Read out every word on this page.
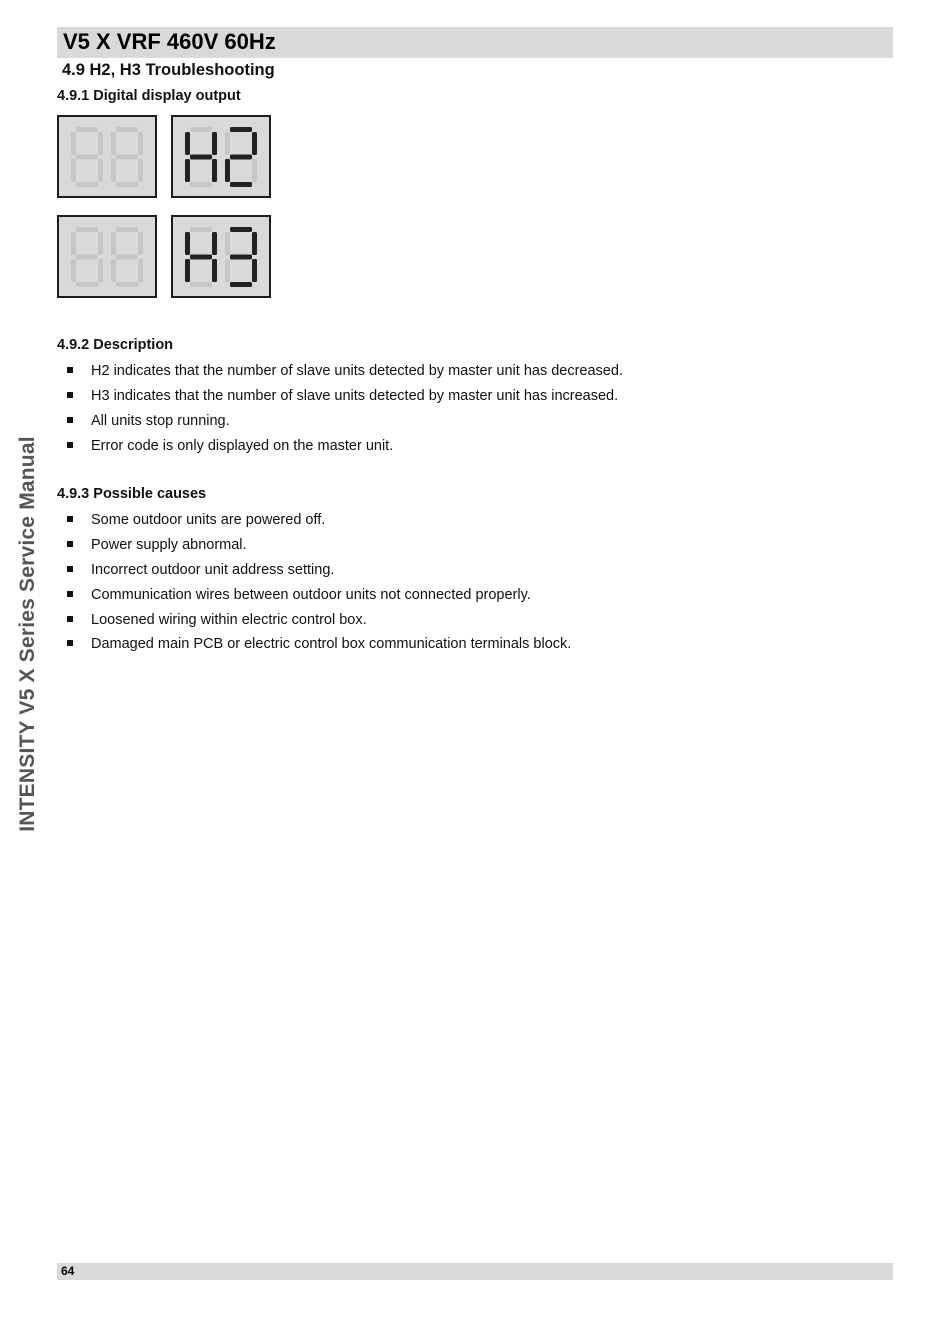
V5 X VRF 460V 60Hz
INTENSITY V5 X Series Service Manual
4.9 H2, H3 Troubleshooting
4.9.1 Digital display output
4.9.2 Description
H2 indicates that the number of slave units detected by master unit has decreased.
H3 indicates that the number of slave units detected by master unit has increased.
All units stop running.
Error code is only displayed on the master unit.
4.9.3 Possible causes
Some outdoor units are powered off.
Power supply abnormal.
Incorrect outdoor unit address setting.
Communication wires between outdoor units not connected properly.
Loosened wiring within electric control box.
Damaged main PCB or electric control box communication terminals block.
64
